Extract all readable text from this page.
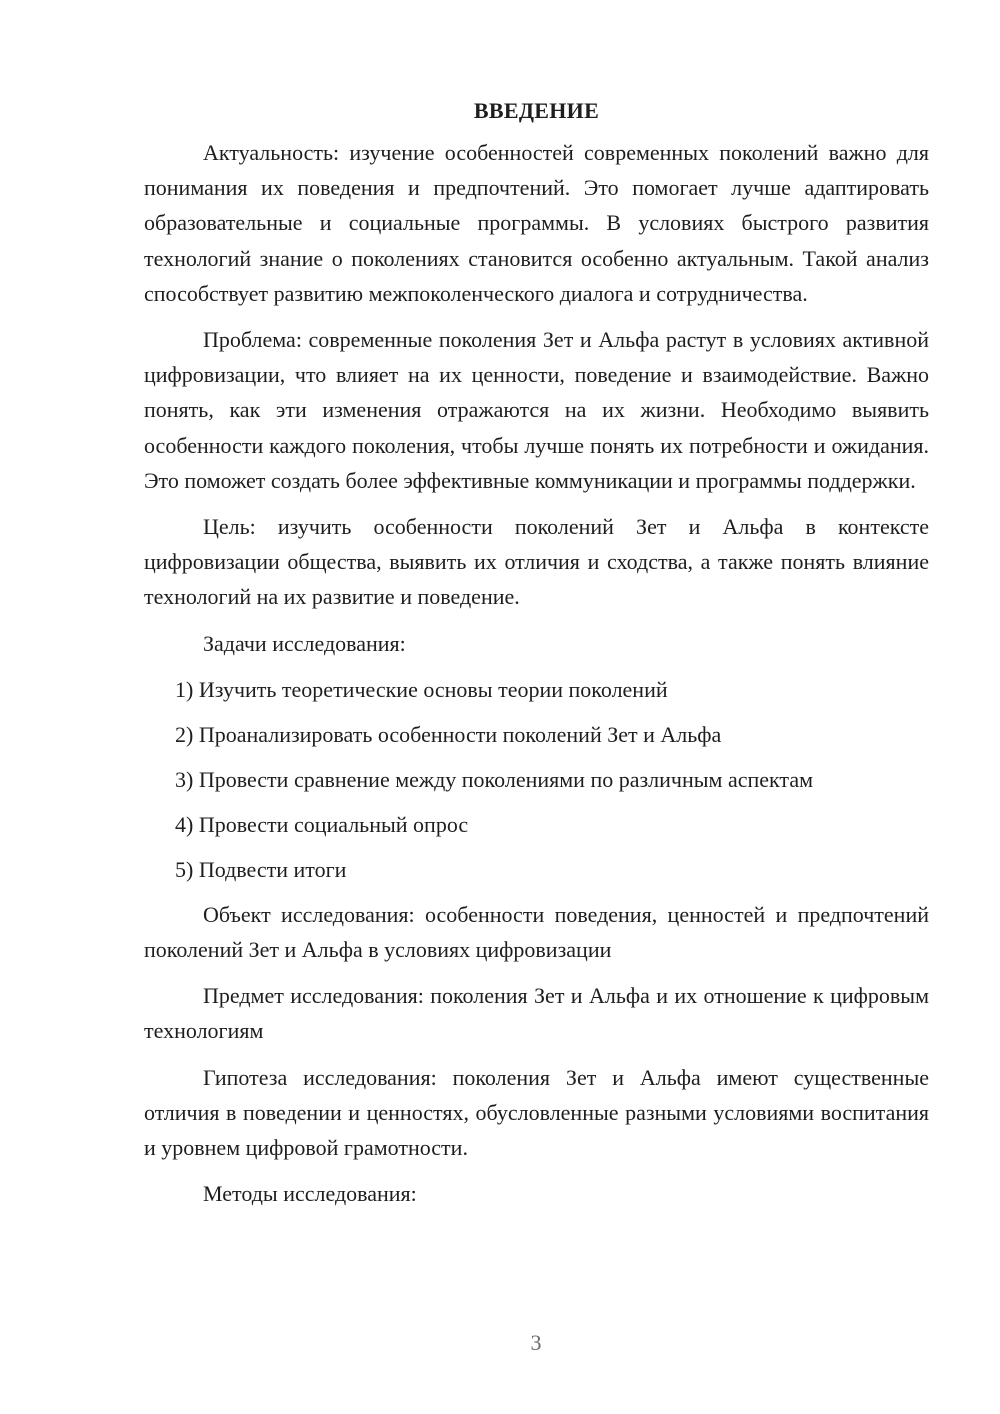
ВВЕДЕНИЕ

Актуальность: изучение особенностей современных поколений важно для понимания их поведения и предпочтений. Это помогает лучше адаптировать образовательные и социальные программы. В условиях быстрого развития технологий знание о поколениях становится особенно актуальным. Такой анализ способствует развитию межпоколенческого диалога и сотрудничества.

Проблема: современные поколения Зет и Альфа растут в условиях активной цифровизации, что влияет на их ценности, поведение и взаимодействие. Важно понять, как эти изменения отражаются на их жизни. Необходимо выявить особенности каждого поколения, чтобы лучше понять их потребности и ожидания. Это поможет создать более эффективные коммуникации и программы поддержки.

Цель: изучить особенности поколений Зет и Альфа в контексте цифровизации общества, выявить их отличия и сходства, а также понять влияние технологий на их развитие и поведение.

Задачи исследования:

1) Изучить теоретические основы теории поколений
2) Проанализировать особенности поколений Зет и Альфа
3) Провести сравнение между поколениями по различным аспектам
4) Провести социальный опрос
5) Подвести итоги

Объект исследования: особенности поведения, ценностей и предпочтений поколений Зет и Альфа в условиях цифровизации

Предмет исследования: поколения Зет и Альфа и их отношение к цифровым технологиям

Гипотеза исследования: поколения Зет и Альфа имеют существенные отличия в поведении и ценностях, обусловленные разными условиями воспитания и уровнем цифровой грамотности.

Методы исследования:

3
